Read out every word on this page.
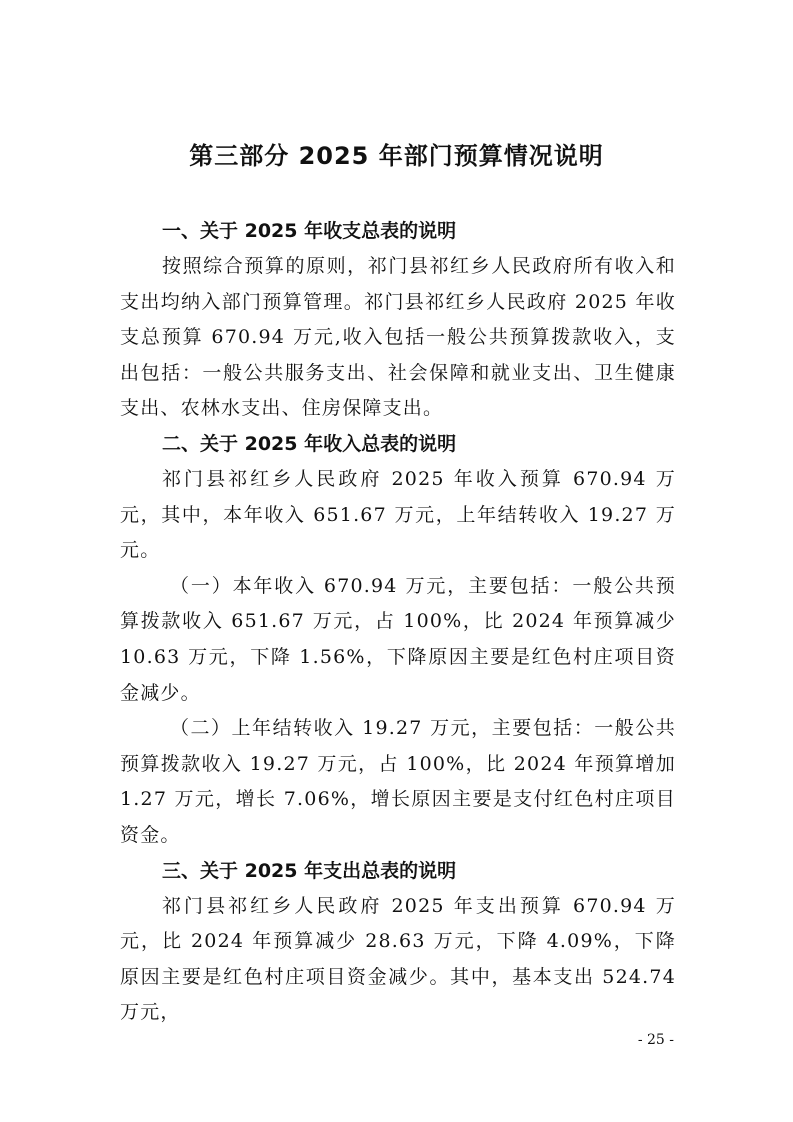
第三部分 2025 年部门预算情况说明

一、关于 2025 年收支总表的说明

按照综合预算的原则，祁门县祁红乡人民政府所有收入和支出均纳入部门预算管理。祁门县祁红乡人民政府 2025 年收支总预算 670.94 万元,收入包括一般公共预算拨款收入，支出包括：一般公共服务支出、社会保障和就业支出、卫生健康支出、农林水支出、住房保障支出。

二、关于 2025 年收入总表的说明

祁门县祁红乡人民政府 2025 年收入预算 670.94 万元，其中，本年收入 651.67 万元，上年结转收入 19.27 万元。

（一）本年收入 670.94 万元，主要包括：一般公共预算拨款收入 651.67 万元，占 100%，比 2024 年预算减少 10.63 万元，下降 1.56%，下降原因主要是红色村庄项目资金减少。

（二）上年结转收入 19.27 万元，主要包括：一般公共预算拨款收入 19.27 万元，占 100%，比 2024 年预算增加 1.27 万元，增长 7.06%，增长原因主要是支付红色村庄项目资金。

三、关于 2025 年支出总表的说明

祁门县祁红乡人民政府 2025 年支出预算 670.94 万元，比 2024 年预算减少 28.63 万元，下降 4.09%，下降原因主要是红色村庄项目资金减少。其中，基本支出 524.74 万元，

- 25 -
